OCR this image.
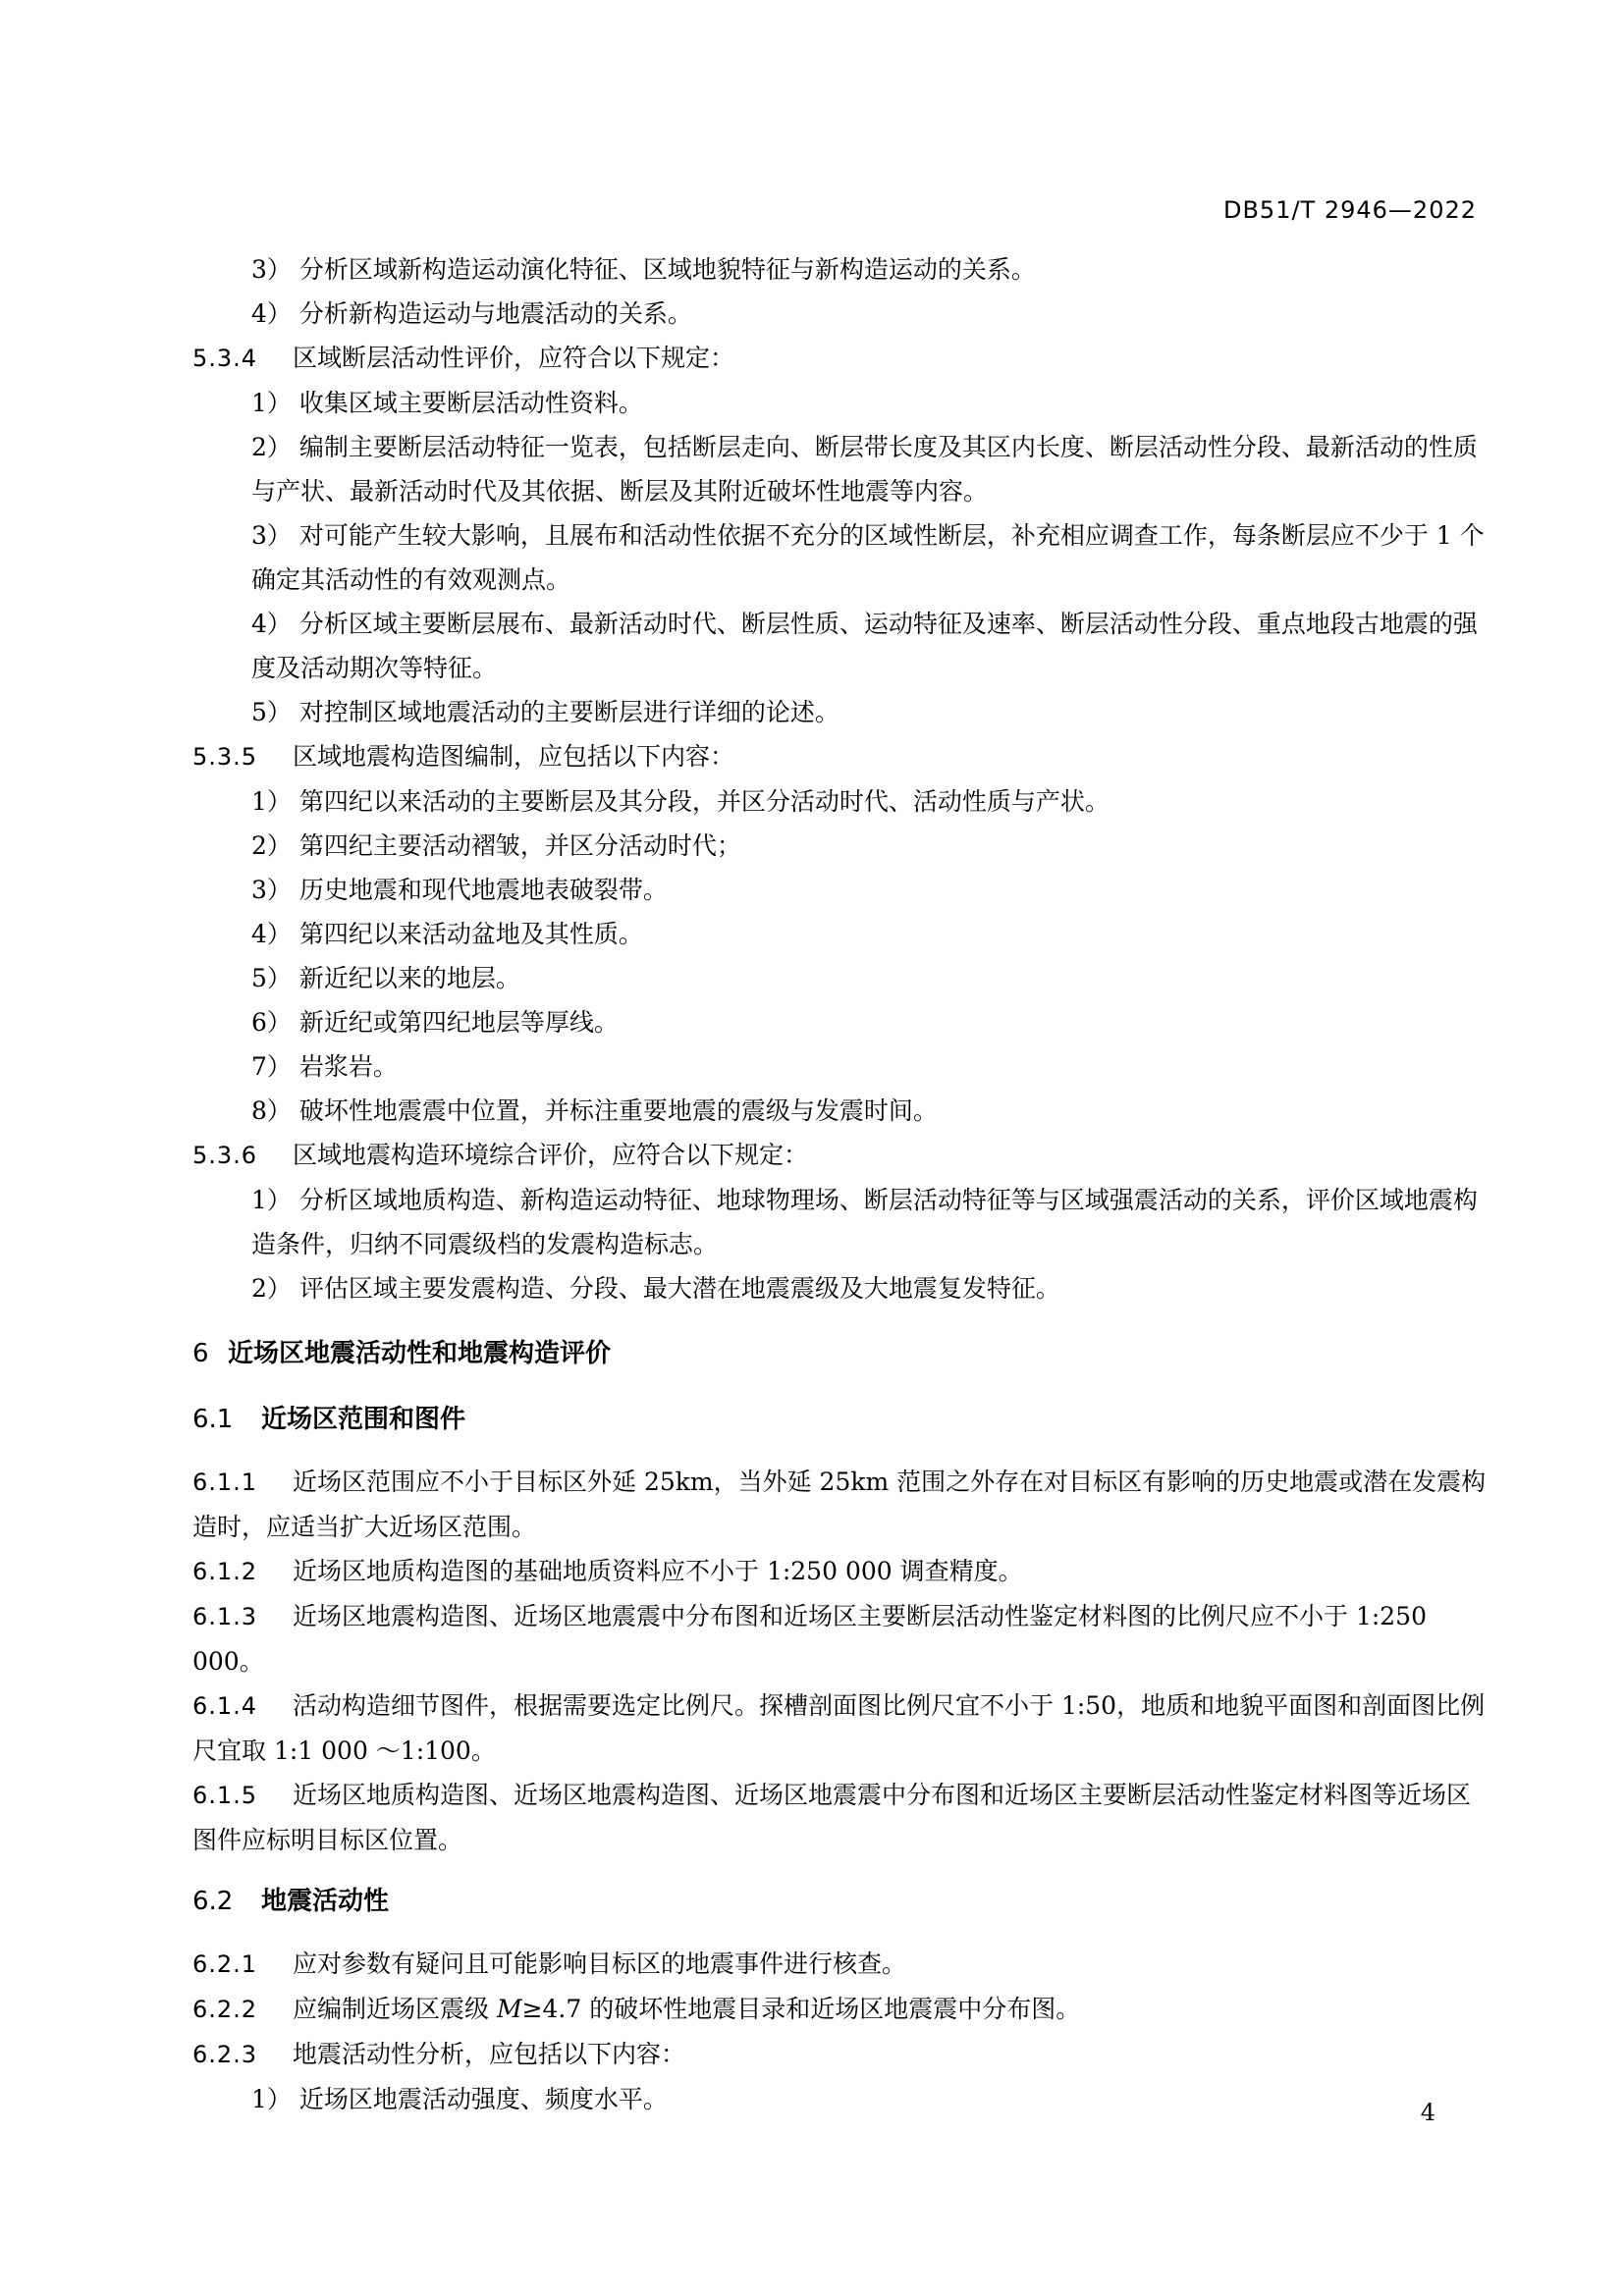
DB51/T 2946—2022
3） 分析区域新构造运动演化特征、区域地貌特征与新构造运动的关系。
4） 分析新构造运动与地震活动的关系。
5.3.4 区域断层活动性评价，应符合以下规定：
1） 收集区域主要断层活动性资料。
2） 编制主要断层活动特征一览表，包括断层走向、断层带长度及其区内长度、断层活动性分段、最新活动的性质与产状、最新活动时代及其依据、断层及其附近破坏性地震等内容。
3） 对可能产生较大影响，且展布和活动性依据不充分的区域性断层，补充相应调查工作，每条断层应不少于 1 个确定其活动性的有效观测点。
4） 分析区域主要断层展布、最新活动时代、断层性质、运动特征及速率、断层活动性分段、重点地段古地震的强度及活动期次等特征。
5） 对控制区域地震活动的主要断层进行详细的论述。
5.3.5 区域地震构造图编制，应包括以下内容：
1） 第四纪以来活动的主要断层及其分段，并区分活动时代、活动性质与产状。
2） 第四纪主要活动褶皱，并区分活动时代；
3） 历史地震和现代地震地表破裂带。
4） 第四纪以来活动盆地及其性质。
5） 新近纪以来的地层。
6） 新近纪或第四纪地层等厚线。
7） 岩浆岩。
8） 破坏性地震震中位置，并标注重要地震的震级与发震时间。
5.3.6 区域地震构造环境综合评价，应符合以下规定：
1） 分析区域地质构造、新构造运动特征、地球物理场、断层活动特征等与区域强震活动的关系，评价区域地震构造条件，归纳不同震级档的发震构造标志。
2） 评估区域主要发震构造、分段、最大潜在地震震级及大地震复发特征。
6 近场区地震活动性和地震构造评价
6.1 近场区范围和图件
6.1.1 近场区范围应不小于目标区外延 25km，当外延 25km 范围之外存在对目标区有影响的历史地震或潜在发震构造时，应适当扩大近场区范围。
6.1.2 近场区地质构造图的基础地质资料应不小于 1:250 000 调查精度。
6.1.3 近场区地震构造图、近场区地震震中分布图和近场区主要断层活动性鉴定材料图的比例尺应不小于 1:250 000。
6.1.4 活动构造细节图件，根据需要选定比例尺。探槽剖面图比例尺宜不小于 1:50，地质和地貌平面图和剖面图比例尺宜取 1:1 000 ～1:100。
6.1.5 近场区地质构造图、近场区地震构造图、近场区地震震中分布图和近场区主要断层活动性鉴定材料图等近场区图件应标明目标区位置。
6.2 地震活动性
6.2.1 应对参数有疑问且可能影响目标区的地震事件进行核查。
6.2.2 应编制近场区震级 M≥4.7 的破坏性地震目录和近场区地震震中分布图。
6.2.3 地震活动性分析，应包括以下内容：
1） 近场区地震活动强度、频度水平。	4
